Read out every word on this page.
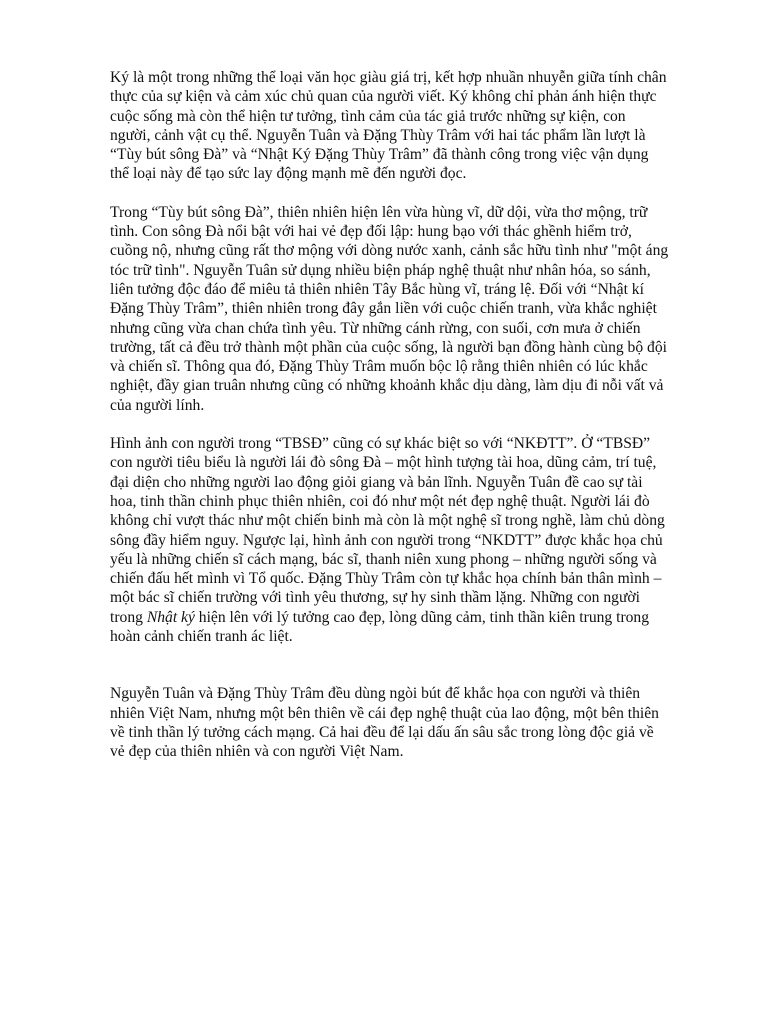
Ký là một trong những thể loại văn học giàu giá trị, kết hợp nhuần nhuyễn giữa tính chân thực của sự kiện và cảm xúc chủ quan của người viết. Ký không chỉ phản ánh hiện thực cuộc sống mà còn thể hiện tư tưởng, tình cảm của tác giả trước những sự kiện, con người, cảnh vật cụ thể. Nguyễn Tuân và Đặng Thùy Trâm với hai tác phẩm lần lượt là “Tùy bút sông Đà” và “Nhật Ký Đặng Thùy Trâm” đã thành công trong việc vận dụng thể loại này để tạo sức lay động mạnh mẽ đến người đọc.

Trong “Tùy bút sông Đà”, thiên nhiên hiện lên vừa hùng vĩ, dữ dội, vừa thơ mộng, trữ tình. Con sông Đà nổi bật với hai vẻ đẹp đối lập: hung bạo với thác ghềnh hiểm trở, cuồng nộ, nhưng cũng rất thơ mộng với dòng nước xanh, cảnh sắc hữu tình như "một áng tóc trữ tình". Nguyễn Tuân sử dụng nhiều biện pháp nghệ thuật như nhân hóa, so sánh, liên tưởng độc đáo để miêu tả thiên nhiên Tây Bắc hùng vĩ, tráng lệ. Đối với “Nhật kí Đặng Thùy Trâm”, thiên nhiên trong đây gắn liền với cuộc chiến tranh, vừa khắc nghiệt nhưng cũng vừa chan chứa tình yêu. Từ những cánh rừng, con suối, cơn mưa ở chiến trường, tất cả đều trở thành một phần của cuộc sống, là người bạn đồng hành cùng bộ đội và chiến sĩ. Thông qua đó, Đặng Thùy Trâm muốn bộc lộ rằng thiên nhiên có lúc khắc nghiệt, đầy gian truân nhưng cũng có những khoảnh khắc dịu dàng, làm dịu đi nỗi vất vả của người lính.

Hình ảnh con người trong “TBSĐ” cũng có sự khác biệt so với “NKĐTT”. Ở “TBSĐ” con người tiêu biểu là người lái đò sông Đà – một hình tượng tài hoa, dũng cảm, trí tuệ, đại diện cho những người lao động giỏi giang và bản lĩnh. Nguyễn Tuân đề cao sự tài hoa, tinh thần chinh phục thiên nhiên, coi đó như một nét đẹp nghệ thuật. Người lái đò không chỉ vượt thác như một chiến binh mà còn là một nghệ sĩ trong nghề, làm chủ dòng sông đầy hiểm nguy. Ngược lại, hình ảnh con người trong “NKDTT” được khắc họa chủ yếu là những chiến sĩ cách mạng, bác sĩ, thanh niên xung phong – những người sống và chiến đấu hết mình vì Tổ quốc. Đặng Thùy Trâm còn tự khắc họa chính bản thân mình – một bác sĩ chiến trường với tình yêu thương, sự hy sinh thầm lặng. Những con người trong Nhật ký hiện lên với lý tưởng cao đẹp, lòng dũng cảm, tinh thần kiên trung trong hoàn cảnh chiến tranh ác liệt.

Nguyễn Tuân và Đặng Thùy Trâm đều dùng ngòi bút để khắc họa con người và thiên nhiên Việt Nam, nhưng một bên thiên về cái đẹp nghệ thuật của lao động, một bên thiên về tinh thần lý tưởng cách mạng. Cả hai đều để lại dấu ấn sâu sắc trong lòng độc giả về vẻ đẹp của thiên nhiên và con người Việt Nam.
